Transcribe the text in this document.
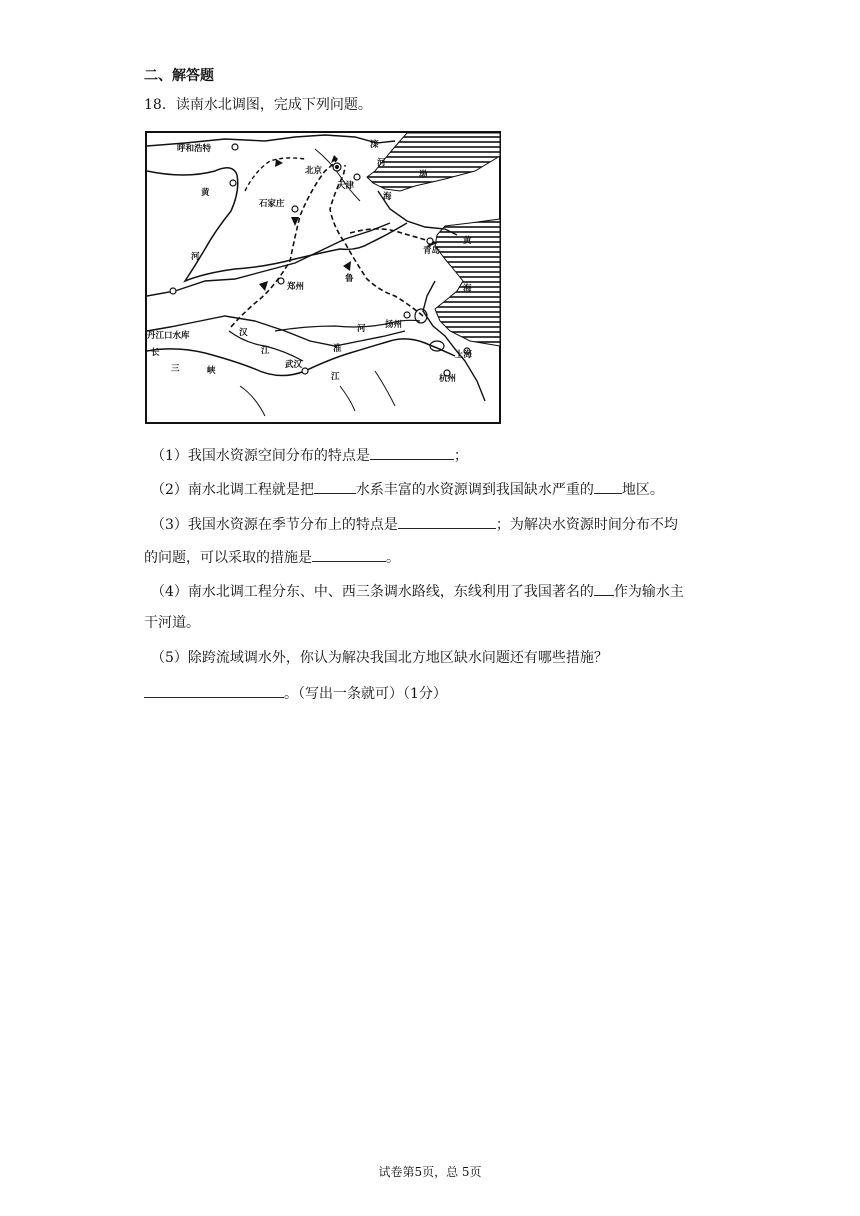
二、解答题
18．读南水北调图，完成下列问题。
呼和浩特
北京
天津
石家庄
郑州
青岛
扬州
武汉
上海
杭州
丹江口水库
黄
河
滦
河
渤
海
黄
海
汉
江	淮
河
长
江
三	峡
鲁
（1）我国水资源空间分布的特点是	；
（2）南水北调工程就是把	水系丰富的水资源调到我国缺水严重的 地区。
（3）我国水资源在季节分布上的特点是	；为解决水资源时间分布不均
的问题，可以采取的措施是	。
（4）南水北调工程分东、中、西三条调水路线，东线利用了我国著名的 作为输水主
干河道。
（5）除跨流域调水外，你认为解决我国北方地区缺水问题还有哪些措施？
。（写出一条就可）（1分）
试卷第5页，总 5页
